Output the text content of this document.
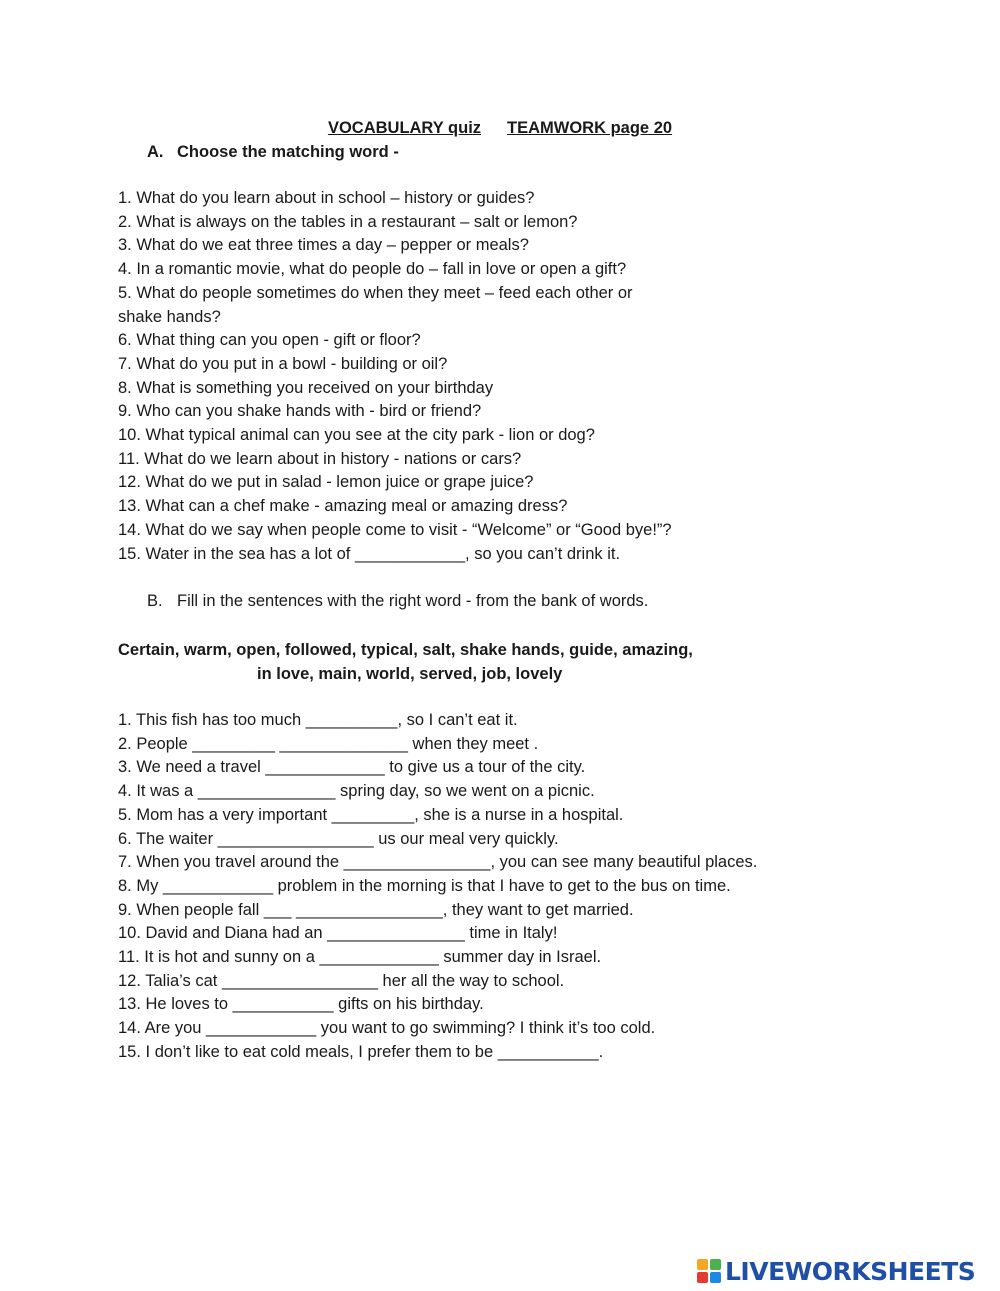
VOCABULARY quiz TEAMWORK page 20
A. Choose the matching word -
1. What do you learn about in school – history or guides?
2. What is always on the tables in a restaurant – salt or lemon?
3. What do we eat three times a day – pepper or meals?
4. In a romantic movie, what do people do – fall in love or open a gift?
5. What do people sometimes do when they meet – feed each other or
shake hands?
6. What thing can you open - gift or floor?
7. What do you put in a bowl - building or oil?
8. What is something you received on your birthday
9. Who can you shake hands with - bird or friend?
10. What typical animal can you see at the city park - lion or dog?
11. What do we learn about in history - nations or cars?
12. What do we put in salad - lemon juice or grape juice?
13. What can a chef make - amazing meal or amazing dress?
14. What do we say when people come to visit - “Welcome” or “Good bye!”?
15. Water in the sea has a lot of ____________, so you can’t drink it.
B. Fill in the sentences with the right word - from the bank of words.
Certain, warm, open, followed, typical, salt, shake hands, guide, amazing,
in love, main, world, served, job, lovely
1. This fish has too much __________, so I can’t eat it.
2. People _________ ______________ when they meet .
3. We need a travel _____________ to give us a tour of the city.
4. It was a _______________ spring day, so we went on a picnic.
5. Mom has a very important _________, she is a nurse in a hospital.
6. The waiter _________________ us our meal very quickly.
7. When you travel around the ________________, you can see many beautiful places.
8. My ____________ problem in the morning is that I have to get to the bus on time.
9. When people fall ___ ________________, they want to get married.
10. David and Diana had an _______________ time in Italy!
11. It is hot and sunny on a _____________ summer day in Israel.
12. Talia’s cat _________________ her all the way to school.
13. He loves to ___________ gifts on his birthday.
14. Are you ____________ you want to go swimming? I think it’s too cold.
15. I don’t like to eat cold meals, I prefer them to be ___________.
LIVEWORKSHEETS
